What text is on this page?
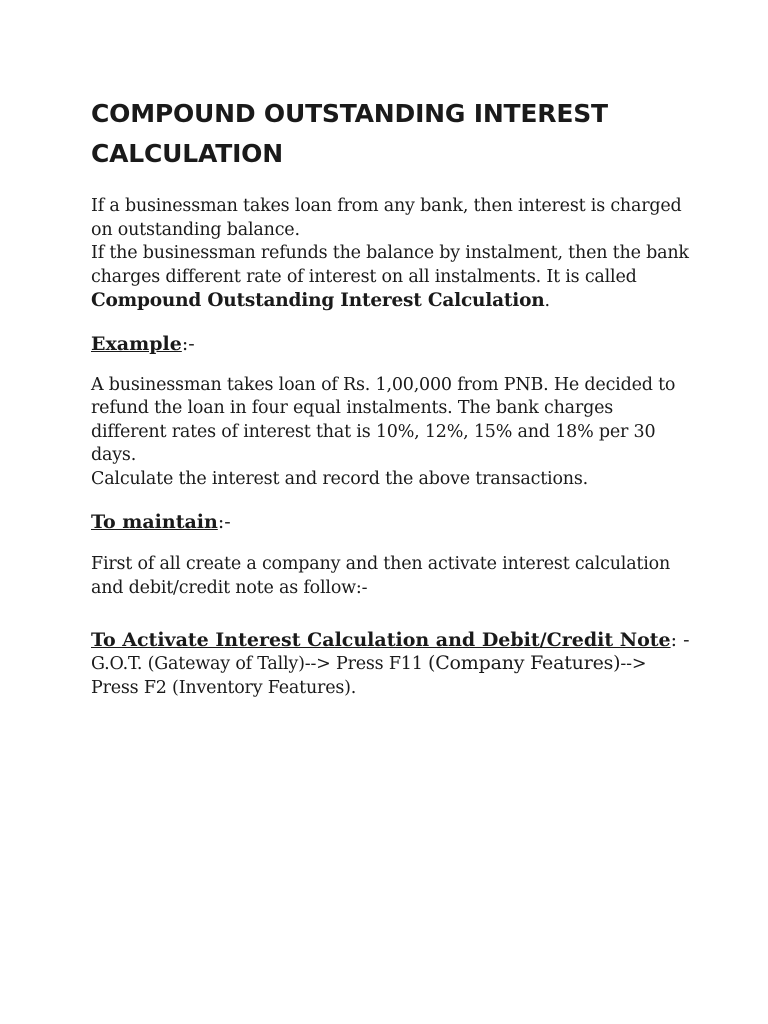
COMPOUND OUTSTANDING INTEREST CALCULATION
If a businessman takes loan from any bank, then interest is charged on outstanding balance.
If the businessman refunds the balance by instalment, then the bank charges different rate of interest on all instalments. It is called Compound Outstanding Interest Calculation.
Example:-
A businessman takes loan of Rs. 1,00,000 from PNB. He decided to refund the loan in four equal instalments. The bank charges different rates of interest that is 10%, 12%, 15% and 18% per 30 days.
Calculate the interest and record the above transactions.
To maintain:-
First of all create a company and then activate interest calculation and debit/credit note as follow:-
To Activate Interest Calculation and Debit/Credit Note: -
G.O.T. (Gateway of Tally)--> Press F11 (Company Features)--> Press F2 (Inventory Features).
